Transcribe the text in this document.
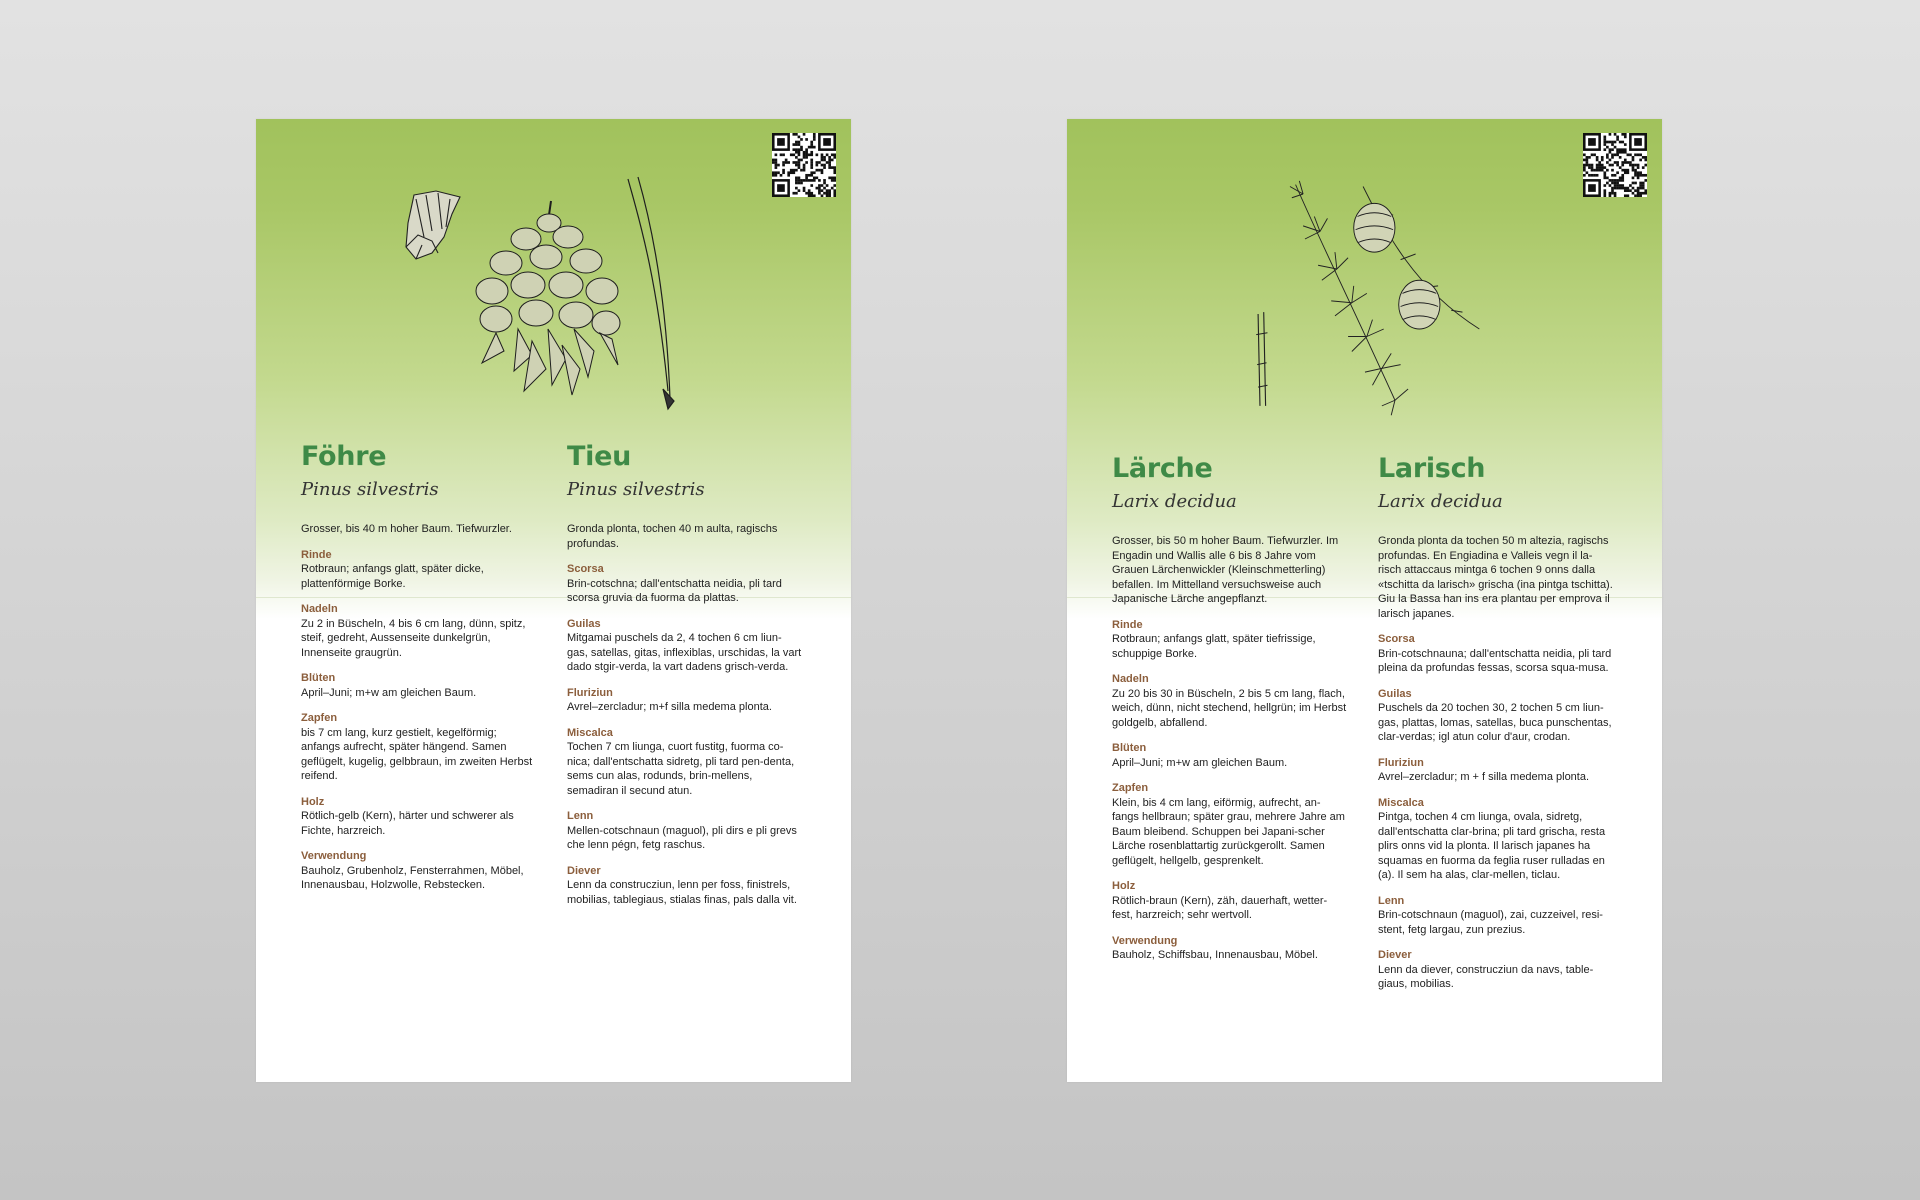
Föhre
Pinus silvestris

Grosser, bis 40 m hoher Baum. Tiefwurzler.

Rinde

Rotbraun; anfangs glatt, später dicke, plattenförmige Borke.

Nadeln

Zu 2 in Büscheln, 4 bis 6 cm lang, dünn, spitz, steif, gedreht, Aussenseite dunkelgrün, Innenseite graugrün.

Blüten

April–Juni; m+w am gleichen Baum.

Zapfen

bis 7 cm lang, kurz gestielt, kegelförmig; anfangs aufrecht, später hängend. Samen geflügelt, kugelig, gelbbraun, im zweiten Herbst reifend.

Holz

Rötlich-gelb (Kern), härter und schwerer als Fichte, harzreich.

Verwendung

Bauholz, Grubenholz, Fensterrahmen, Möbel, Innenausbau, Holzwolle, Rebstecken.

Tieu
Pinus silvestris

Gronda plonta, tochen 40 m aulta, ragischs profundas.

Scorsa

Brin-cotschna; dall'entschatta neidia, pli tard scorsa gruvia da fuorma da plattas.

Guilas

Mitgamai puschels da 2, 4 tochen 6 cm liun-gas, satellas, gitas, inflexiblas, urschidas, la vart dado stgir-verda, la vart dadens grisch-verda.

Fluriziun

Avrel–zercladur; m+f silla medema plonta.

Miscalca

Tochen 7 cm liunga, cuort fustitg, fuorma co-nica; dall'entschatta sidretg, pli tard pen-denta, sems cun alas, rodunds, brin-mellens, semadiran il secund atun.

Lenn

Mellen-cotschnaun (maguol), pli dirs e pli grevs che lenn pégn, fetg raschus.

Diever

Lenn da construcziun, lenn per foss, finistrels, mobilias, tablegiaus, stialas finas, pals dalla vit.

Lärche
Larix decidua

Grosser, bis 50 m hoher Baum. Tiefwurzler. Im Engadin und Wallis alle 6 bis 8 Jahre vom Grauen Lärchenwickler (Kleinschmetterling) befallen. Im Mittelland versuchsweise auch Japanische Lärche angepflanzt.

Rinde

Rotbraun; anfangs glatt, später tiefrissige, schuppige Borke.

Nadeln

Zu 20 bis 30 in Büscheln, 2 bis 5 cm lang, flach, weich, dünn, nicht stechend, hellgrün; im Herbst goldgelb, abfallend.

Blüten

April–Juni; m+w am gleichen Baum.

Zapfen

Klein, bis 4 cm lang, eiförmig, aufrecht, an-fangs hellbraun; später grau, mehrere Jahre am Baum bleibend. Schuppen bei Japani-scher Lärche rosenblattartig zurückgerollt. Samen geflügelt, hellgelb, gesprenkelt.

Holz

Rötlich-braun (Kern), zäh, dauerhaft, wetter-fest, harzreich; sehr wertvoll.

Verwendung

Bauholz, Schiffsbau, Innenausbau, Möbel.

Larisch
Larix decidua

Gronda plonta da tochen 50 m altezia, ragischs profundas. En Engiadina e Valleis vegn il la-risch attaccaus mintga 6 tochen 9 onns dalla «tschitta da larisch» grischa (ina pintga tschitta). Giu la Bassa han ins era plantau per emprova il larisch japanes.

Scorsa

Brin-cotschnauna; dall'entschatta neidia, pli tard pleina da profundas fessas, scorsa squa-musa.

Guilas

Puschels da 20 tochen 30, 2 tochen 5 cm liun-gas, plattas, lomas, satellas, buca punschentas, clar-verdas; igl atun colur d'aur, crodan.

Fluriziun

Avrel–zercladur; m + f silla medema plonta.

Miscalca

Pintga, tochen 4 cm liunga, ovala, sidretg, dall'entschatta clar-brina; pli tard grischa, resta plirs onns vid la plonta. Il larisch japanes ha squamas en fuorma da feglia ruser rulladas en (a). Il sem ha alas, clar-mellen, ticlau.

Lenn

Brin-cotschnaun (maguol), zai, cuzzeivel, resi-stent, fetg largau, zun prezius.

Diever

Lenn da diever, construcziun da navs, table-giaus, mobilias.
